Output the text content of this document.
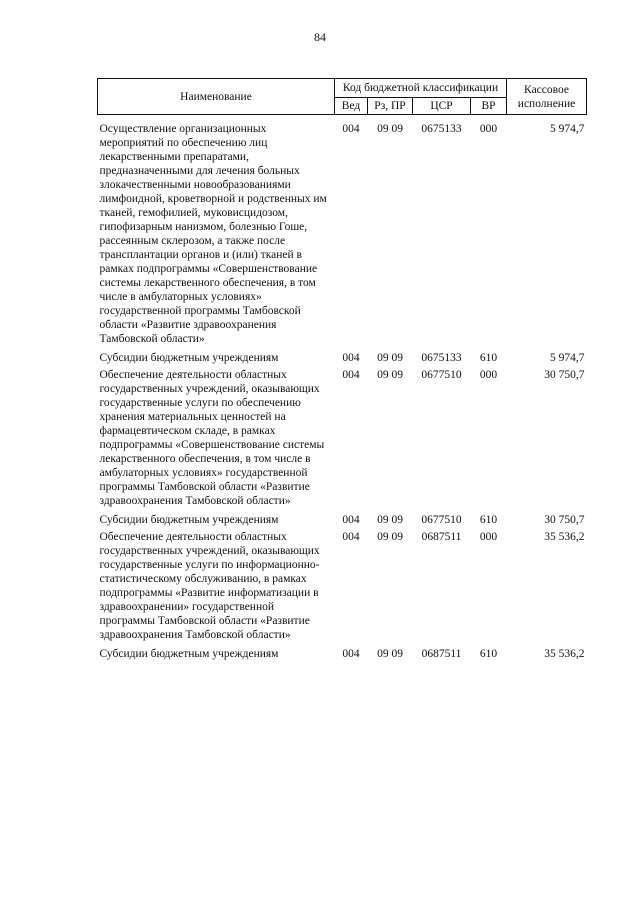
84
Наименование	Код бюджетной классификации				Кассовое исполнение
	Вед	Рз, ПР	ЦСР	ВР	
Осуществление организационных мероприятий по обеспечению лиц лекарственными препаратами, предназначенными для лечения больных злокачественными новообразованиями лимфоидной, кроветворной и родственных им тканей, гемофилией, муковисцидозом, гипофизарным нанизмом, болезнью Гоше, рассеянным склерозом, а также после трансплантации органов и (или) тканей в рамках подпрограммы «Совершенствование системы лекарственного обеспечения, в том числе в амбулаторных условиях» государственной программы Тамбовской области «Развитие здравоохранения Тамбовской области»	004	09 09	0675133	000	5 974,7
Субсидии бюджетным учреждениям	004	09 09	0675133	610	5 974,7
Обеспечение деятельности областных государственных учреждений, оказывающих государственные услуги по обеспечению хранения материальных ценностей на фармацевтическом складе, в рамках подпрограммы «Совершенствование системы лекарственного обеспечения, в том числе в амбулаторных условиях» государственной программы Тамбовской области «Развитие здравоохранения Тамбовской области»	004	09 09	0677510	000	30 750,7
Субсидии бюджетным учреждениям	004	09 09	0677510	610	30 750,7
Обеспечение деятельности областных государственных учреждений, оказывающих государственные услуги по информационно-статистическому обслуживанию, в рамках подпрограммы «Развитие информатизации в здравоохранении» государственной программы Тамбовской области «Развитие здравоохранения Тамбовской области»	004	09 09	0687511	000	35 536,2
Субсидии бюджетным учреждениям	004	09 09	0687511	610	35 536,2
